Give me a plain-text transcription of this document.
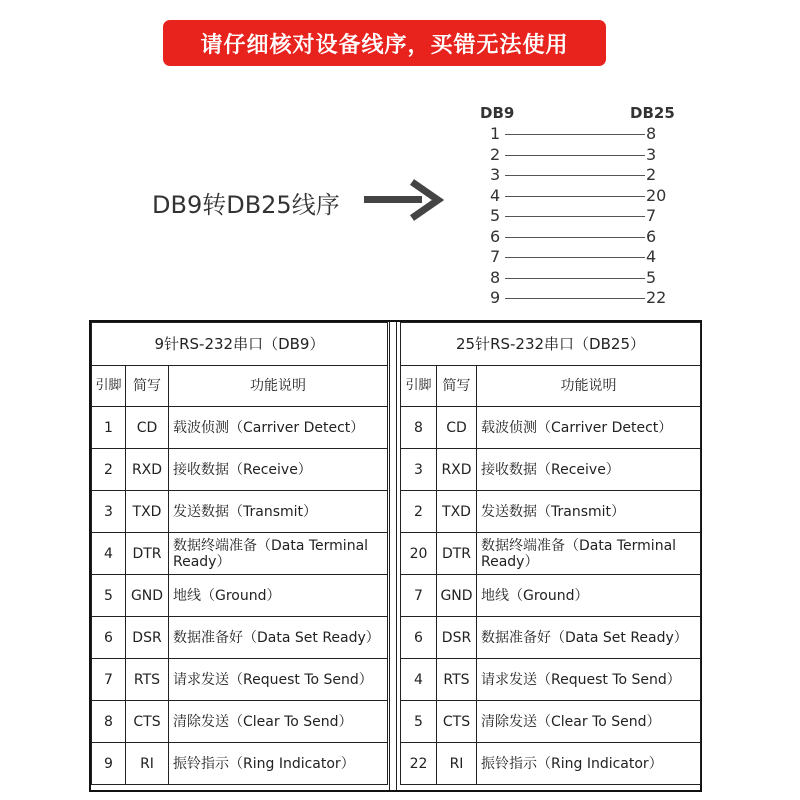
请仔细核对设备线序，买错无法使用
DB9转DB25线序
DB9	DB25
1	8
2	3
3	2
4	20
5	7
6	6
7	4
8	5
9	22
9针RS-232串口（DB9）		
引脚	简写	功能说明
1	CD	载波侦测（Carriver Detect）
2	RXD	接收数据（Receive）
3	TXD	发送数据（Transmit）
4	DTR	数据终端准备（Data Terminal Ready）
5	GND	地线（Ground）
6	DSR	数据准备好（Data Set Ready）
7	RTS	请求发送（Request To Send）
8	CTS	清除发送（Clear To Send）
9	RI	振铃指示（Ring Indicator）
25针RS-232串口（DB25）		
引脚	简写	功能说明
8	CD	载波侦测（Carriver Detect）
3	RXD	接收数据（Receive）
2	TXD	发送数据（Transmit）
20	DTR	数据终端准备（Data Terminal Ready）
7	GND	地线（Ground）
6	DSR	数据准备好（Data Set Ready）
4	RTS	请求发送（Request To Send）
5	CTS	清除发送（Clear To Send）
22	RI	振铃指示（Ring Indicator）
